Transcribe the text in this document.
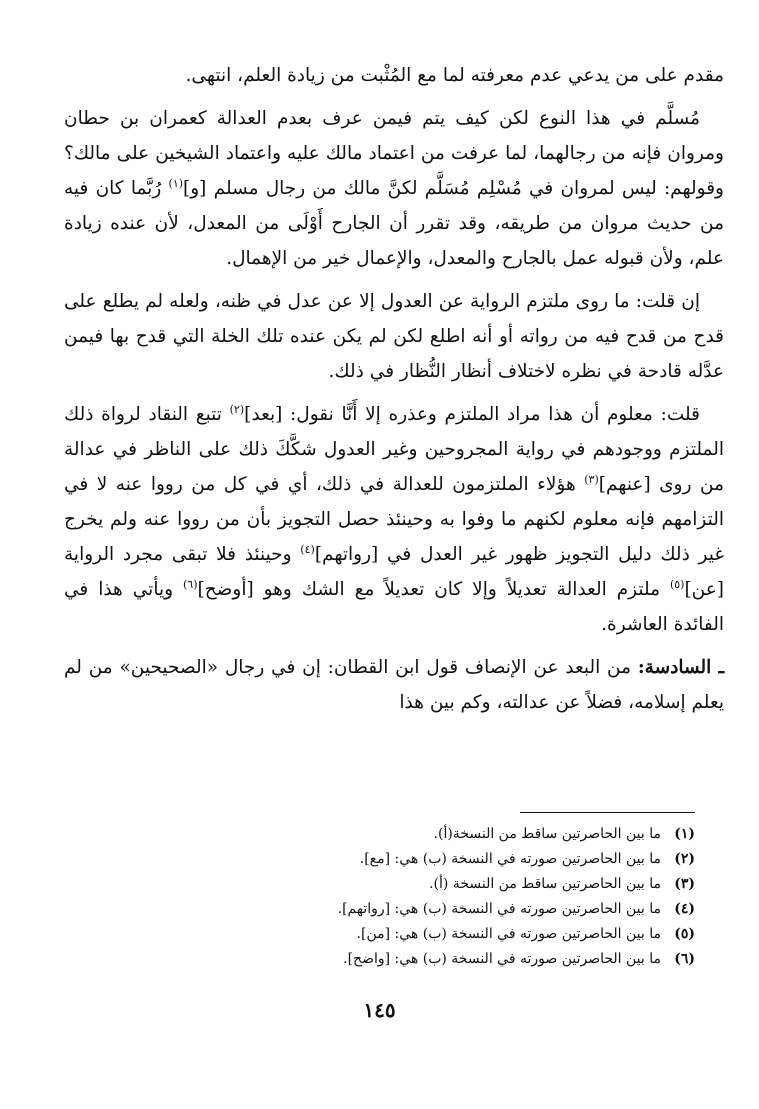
مقدم على من يدعي عدم معرفته لما مع المُثْبت من زيادة العلم، انتهى.

مُسلَّم في هذا النوع لكن كيف يتم فيمن عرف بعدم العدالة كعمران بن حطان ومروان فإنه من رجالهما، لما عرفت من اعتماد مالك عليه واعتماد الشيخين على مالك؟ وقولهم: ليس لمروان في مُسْلِم مُسَلَّم لكنَّ مالك من رجال مسلم [و]$^{(١)}$ رُبَّما كان فيه من حديث مروان من طريقه، وقد تقرر أن الجارح أَوْلَى من المعدل، لأن عنده زيادة علم، ولأن قبوله عمل بالجارح والمعدل، والإعمال خير من الإهمال.

إن قلت: ما روى ملتزم الرواية عن العدول إلا عن عدل في ظنه، ولعله لم يطلع على قدح من قدح فيه من رواته أو أنه اطلع لكن لم يكن عنده تلك الخلة التي قدح بها فيمن عدَّله قادحة في نظره لاختلاف أنظار النُّظار في ذلك.

قلت: معلوم أن هذا مراد الملتزم وعذره إلا أَنَّا نقول: [بعد]$^{(٢)}$ تتبع النقاد لرواة ذلك الملتزم ووجودهم في رواية المجروحين وغير العدول شكَّكَ ذلك على الناظر في عدالة من روى [عنهم]$^{(٣)}$ هؤلاء الملتزمون للعدالة في ذلك، أي في كل من رووا عنه لا في التزامهم فإنه معلوم لكنهم ما وفوا به وحينئذ حصل التجويز بأن من رووا عنه ولم يخرج غير ذلك دليل التجويز ظهور غير العدل في [رواتهم]$^{(٤)}$ وحينئذ فلا تبقى مجرد الرواية [عن]$^{(٥)}$ ملتزم العدالة تعديلاً وإلا كان تعديلاً مع الشك وهو [أوضح]$^{(٦)}$ ويأتي هذا في الفائدة العاشرة.

ـ السادسة: من البعد عن الإنصاف قول ابن القطان: إن في رجال «الصحيحين» من لم يعلم إسلامه، فضلاً عن عدالته، وكم بين هذا

(١)
ما بين الحاصرتين ساقط من النسخة(أ).
(٢)
ما بين الحاصرتين صورته في النسخة (ب) هي: [مع].
(٣)
ما بين الحاصرتين ساقط من النسخة (أ).
(٤)
ما بين الحاصرتين صورته في النسخة (ب) هي: [رواتهم].
(٥)
ما بين الحاصرتين صورته في النسخة (ب) هي: [من].
(٦)
ما بين الحاصرتين صورته في النسخة (ب) هي: [واضح].
١٤٥
